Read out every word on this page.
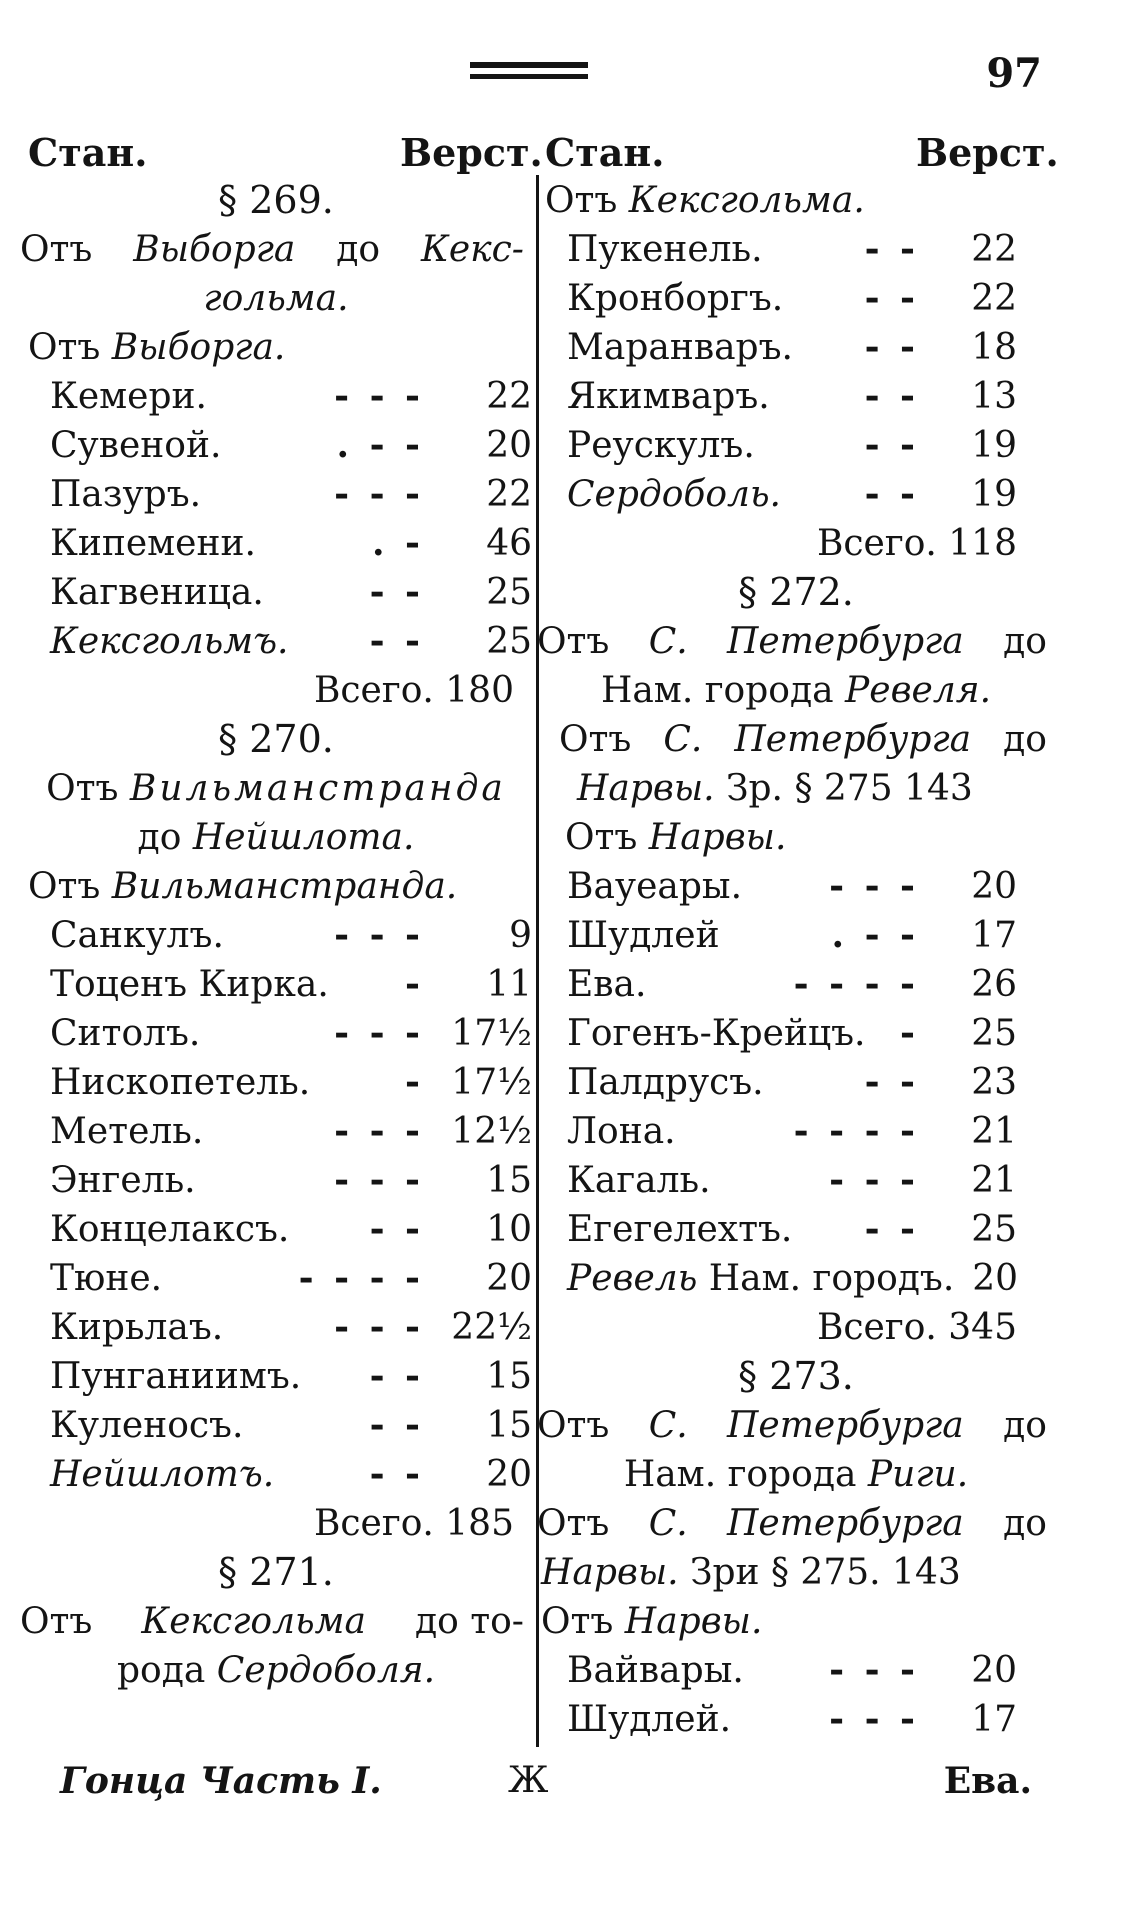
97
Стан.	Верст. Стан.	Верст.
§ 269.
Отъ Выборга до Кекс-
гольма.
Отъ Выборга.
Кемери.	- - -	22
Сувеной.	. - -	20
Пазуръ.	- - -	22
Кипемени.	. -	46
Кагвеница.	- -	25
Кексгольмъ.	- -	25
Всего. 180
§ 270.
Отъ Вильманстранда
до Нейшлота.
Отъ Вильманстранда.
Санкулъ.	- - -	9
Тоценъ Кирка.	-	11
Ситолъ.	- - - 17½
Нископетель.	- 17½
Метель.	- - - 12½
Энгель.	- - -	15
Концелаксъ.	- -	10
Тюне.	- - - -	20
Кирьлаъ.	- - - 22½
Пунганиимъ.	- -	15
Куленосъ.	- -	15
Нейшлотъ.	- -	20
Всего. 185
§ 271.
Отъ Кексгольма до то-
рода Сердоболя.
Отъ Кексгольма.
Пукенель.	- -	22
Кронборгъ.	- -	22
Маранваръ.	- -	18
Якимваръ.	- -	13
Реускулъ.	- -	19
Сердоболь.	- -	19
Всего. 118
§ 272.
Отъ С. Петербурга до
Нам. города Ревеля.
Отъ С. Петербурга до
Нарвы. Зр. § 275 143
Отъ Нарвы.
Вауеары.	- - -	20
Шудлей	. - -	17
Ева.	- - - -	26
Гогенъ-Крейцъ. -	25
Палдрусъ.	- -	23
Лона.	- - - -	21
Кагаль.	- - -	21
Егегелехтъ.	- -	25
Ревель Нам. городъ. 20
Всего. 345
§ 273.
Отъ С. Петербурга до
Нам. города Риги.
Отъ С. Петербурга до
Нарвы. Зри § 275. 143
Отъ Нарвы.
Вайвары.	- - -	20
Шудлей.	- - -	17
Гонца Часть I.	Ж	Ева.
